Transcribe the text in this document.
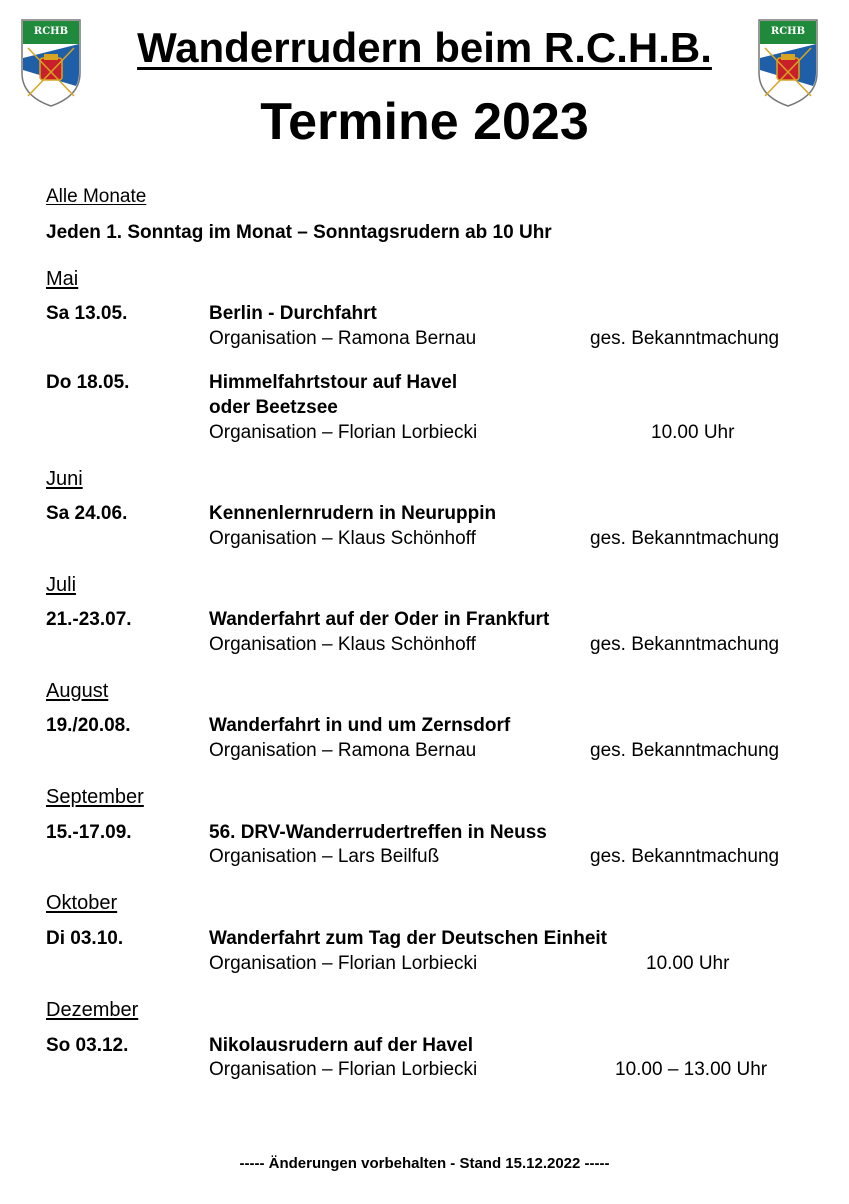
RCHB	RCHB
Wanderrudern beim R.C.H.B.
Termine 2023
Alle Monate
Jeden 1. Sonntag im Monat – Sonntagsrudern ab 10 Uhr
Mai
Sa 13.05.	Berlin - Durchfahrt
Organisation – Ramona Bernau	ges. Bekanntmachung
Do 18.05.	Himmelfahrtstour auf Havel
oder Beetzsee
Organisation – Florian Lorbiecki	10.00 Uhr
Juni
Sa 24.06.	Kennenlernrudern in Neuruppin
Organisation – Klaus Schönhoff	ges. Bekanntmachung
Juli
21.-23.07.	Wanderfahrt auf der Oder in Frankfurt
Organisation – Klaus Schönhoff	ges. Bekanntmachung
August
19./20.08.	Wanderfahrt in und um Zernsdorf
Organisation – Ramona Bernau	ges. Bekanntmachung
September
15.-17.09.	56. DRV-Wanderrudertreffen in Neuss
Organisation – Lars Beilfuß	ges. Bekanntmachung
Oktober
Di 03.10.	Wanderfahrt zum Tag der Deutschen Einheit
Organisation – Florian Lorbiecki	10.00 Uhr
Dezember
So 03.12.	Nikolausrudern auf der Havel
Organisation – Florian Lorbiecki	10.00 – 13.00 Uhr
----- Änderungen vorbehalten - Stand 15.12.2022 -----
